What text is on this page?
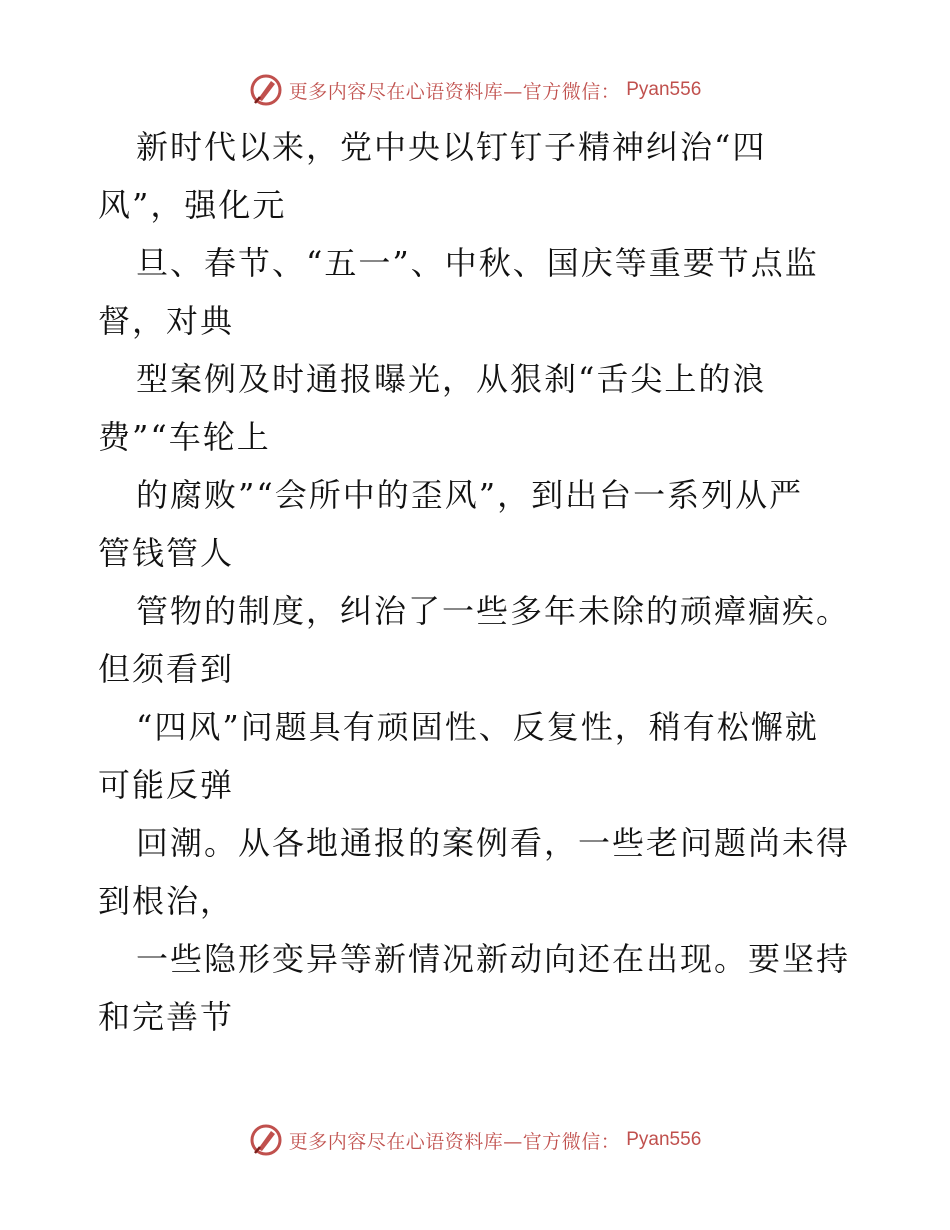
更多内容尽在心语资料库—官方微信： Pyan556
新时代以来，党中央以钉钉子精神纠治“四
风”，强化元
旦、春节、“五一”、中秋、国庆等重要节点监
督，对典
型案例及时通报曝光，从狠刹“舌尖上的浪
费”“车轮上
的腐败”“会所中的歪风”，到出台一系列从严
管钱管人
管物的制度，纠治了一些多年未除的顽瘴痼疾。
但须看到
“四风”问题具有顽固性、反复性，稍有松懈就
可能反弹
回潮。从各地通报的案例看，一些老问题尚未得
到根治，
一些隐形变异等新情况新动向还在出现。要坚持
和完善节
更多内容尽在心语资料库—官方微信： Pyan556
